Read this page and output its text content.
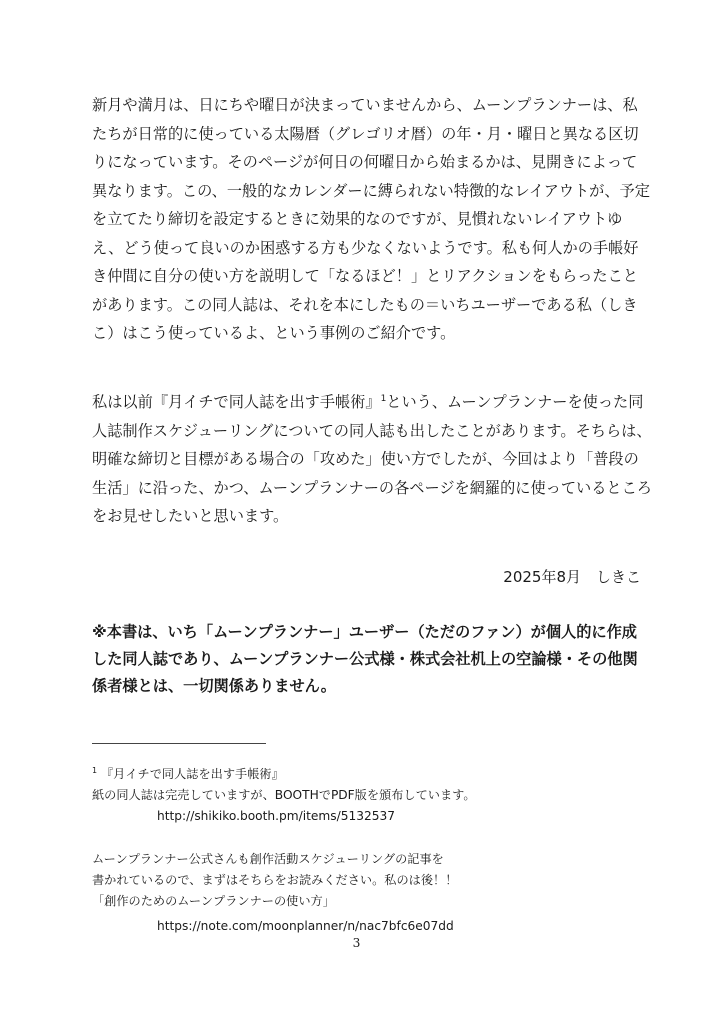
新月や満月は、日にちや曜日が決まっていませんから、ムーンプランナーは、私たちが日常的に使っている太陽暦（グレゴリオ暦）の年・月・曜日と異なる区切りになっています。そのページが何日の何曜日から始まるかは、見開きによって異なります。この、一般的なカレンダーに縛られない特徴的なレイアウトが、予定を立てたり締切を設定するときに効果的なのですが、見慣れないレイアウトゆえ、どう使って良いのか困惑する方も少なくないようです。私も何人かの手帳好き仲間に自分の使い方を説明して「なるほど！」とリアクションをもらったことがあります。この同人誌は、それを本にしたもの＝いちユーザーである私（しきこ）はこう使っているよ、という事例のご紹介です。

私は以前『月イチで同人誌を出す手帳術』$^1$という、ムーンプランナーを使った同人誌制作スケジューリングについての同人誌も出したことがあります。そちらは、明確な締切と目標がある場合の「攻めた」使い方でしたが、今回はより「普段の生活」に沿った、かつ、ムーンプランナーの各ページを網羅的に使っているところをお見せしたいと思います。

2025年8月　しきこ

※本書は、いち「ムーンプランナー」ユーザー（ただのファン）が個人的に作成した同人誌であり、ムーンプランナー公式様・株式会社机上の空論様・その他関係者様とは、一切関係ありません。

$^1$ 『月イチで同人誌を出す手帳術』
紙の同人誌は完売していますが、BOOTHでPDF版を頒布しています。
http://shikiko.booth.pm/items/5132537
ムーンプランナー公式さんも創作活動スケジューリングの記事を
書かれているので、まずはそちらをお読みください。私のは後！！
「創作のためのムーンプランナーの使い方」
https://note.com/moonplanner/n/nac7bfc6e07dd
3
